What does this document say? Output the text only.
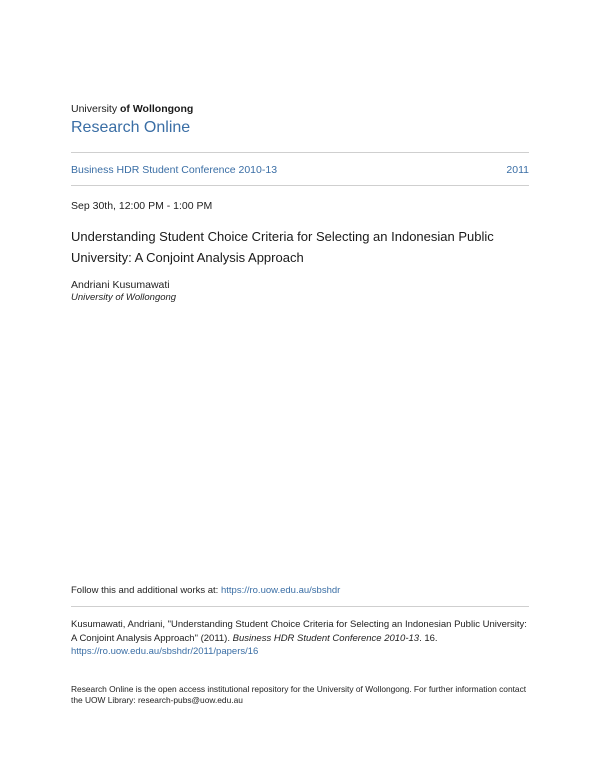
University of Wollongong
Research Online
Business HDR Student Conference 2010-13	2011
Sep 30th, 12:00 PM - 1:00 PM
Understanding Student Choice Criteria for Selecting an Indonesian Public University: A Conjoint Analysis Approach
Andriani Kusumawati
University of Wollongong
Follow this and additional works at: https://ro.uow.edu.au/sbshdr
Kusumawati, Andriani, "Understanding Student Choice Criteria for Selecting an Indonesian Public University: A Conjoint Analysis Approach" (2011). Business HDR Student Conference 2010-13. 16.
https://ro.uow.edu.au/sbshdr/2011/papers/16
Research Online is the open access institutional repository for the University of Wollongong. For further information contact the UOW Library: research-pubs@uow.edu.au
